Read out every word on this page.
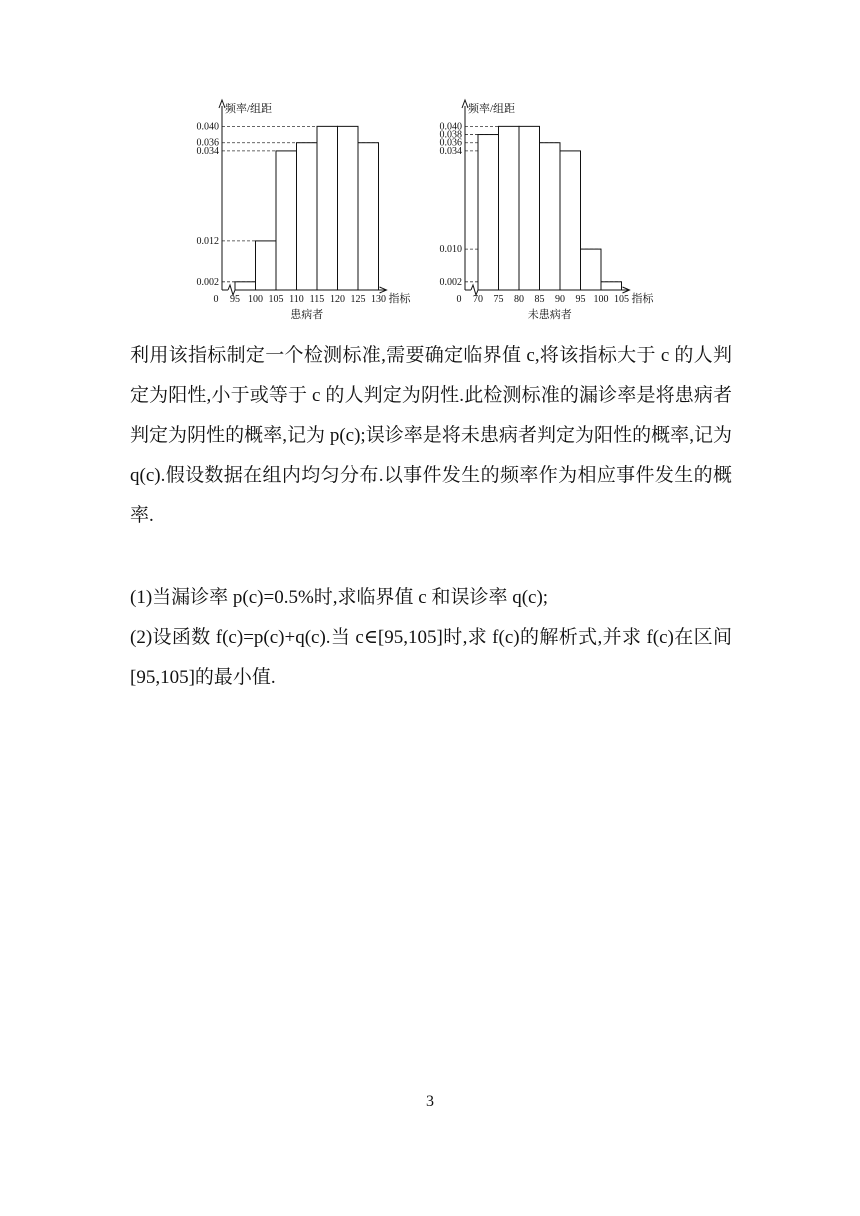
频率/组距
指标
0
0.002
0.012
0.034
0.036
0.040
95 100 105 110 115 120 125 130
患病者
频率/组距
指标
0
0.002
0.010
0.034
0.036
0.038
0.040
70 75 80 85 90 95 100 105
未患病者

利用该指标制定一个检测标准,需要确定临界值 c,将该指标大于 c 的人判定为阳性,小于或等于 c 的人判定为阴性.此检测标准的漏诊率是将患病者判定为阴性的概率,记为 p(c);误诊率是将未患病者判定为阳性的概率,记为 q(c).假设数据在组内均匀分布.以事件发生的频率作为相应事件发生的概率.

(1)当漏诊率 p(c)=0.5%时,求临界值 c 和误诊率 q(c);

(2)设函数 f(c)=p(c)+q(c).当 c∈[95,105]时,求 f(c)的解析式,并求 f(c)在区间[95,105]的最小值.

3
